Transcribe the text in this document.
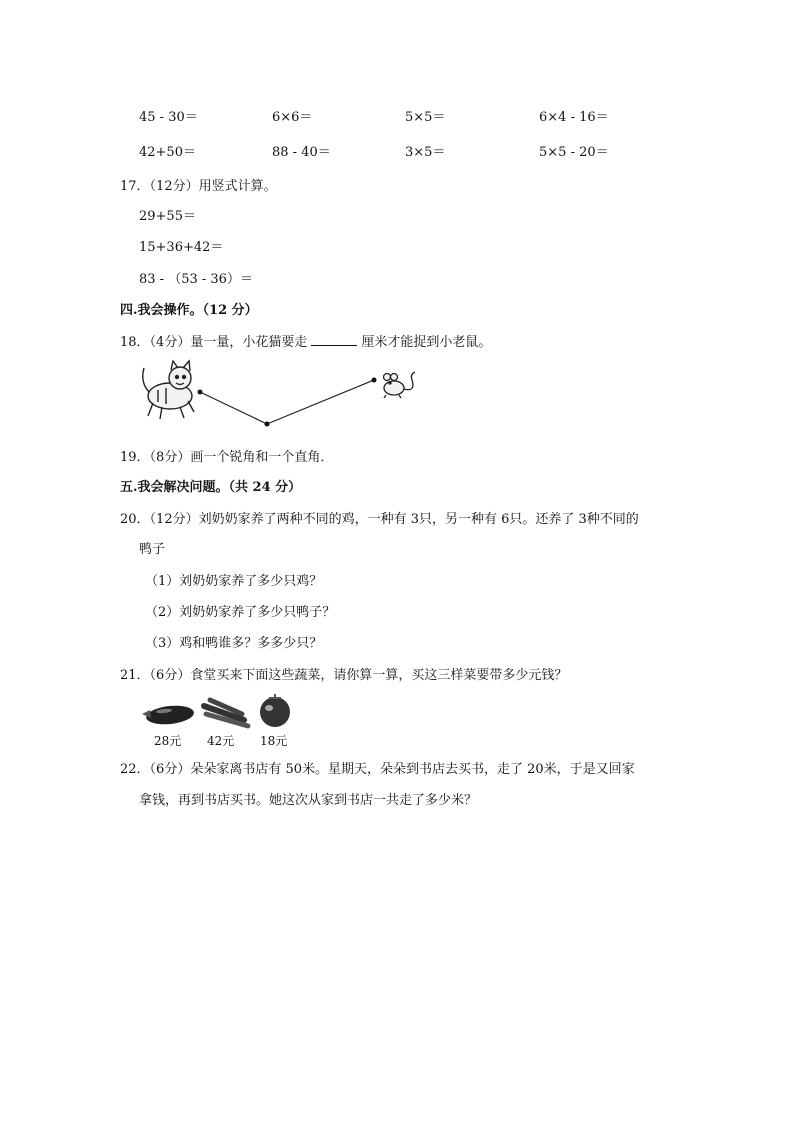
45 - 30＝	6×6＝	5×5＝	6×4 - 16＝
42+50＝	88 - 40＝	3×5＝	5×5 - 20＝
17．（12分）用竖式计算。
29+55＝
15+36+42＝
83 - （53 - 36）＝
四.我会操作。（12 分）
18．（4分）量一量，小花猫要走	厘米才能捉到小老鼠。
19．（8分）画一个锐角和一个直角．
五.我会解决问题。（共 24 分）
20．（12分）刘奶奶家养了两种不同的鸡，一种有 3只，另一种有 6只。还养了 3种不同的
鸭子
（1）刘奶奶家养了多少只鸡？
（2）刘奶奶家养了多少只鸭子？
（3）鸡和鸭谁多？多多少只？
21．（6分）食堂买来下面这些蔬菜，请你算一算，买这三样菜要带多少元钱？
28元 42元 18元
22．（6分）朵朵家离书店有 50米。星期天，朵朵到书店去买书，走了 20米，于是又回家
拿钱，再到书店买书。她这次从家到书店一共走了多少米？
